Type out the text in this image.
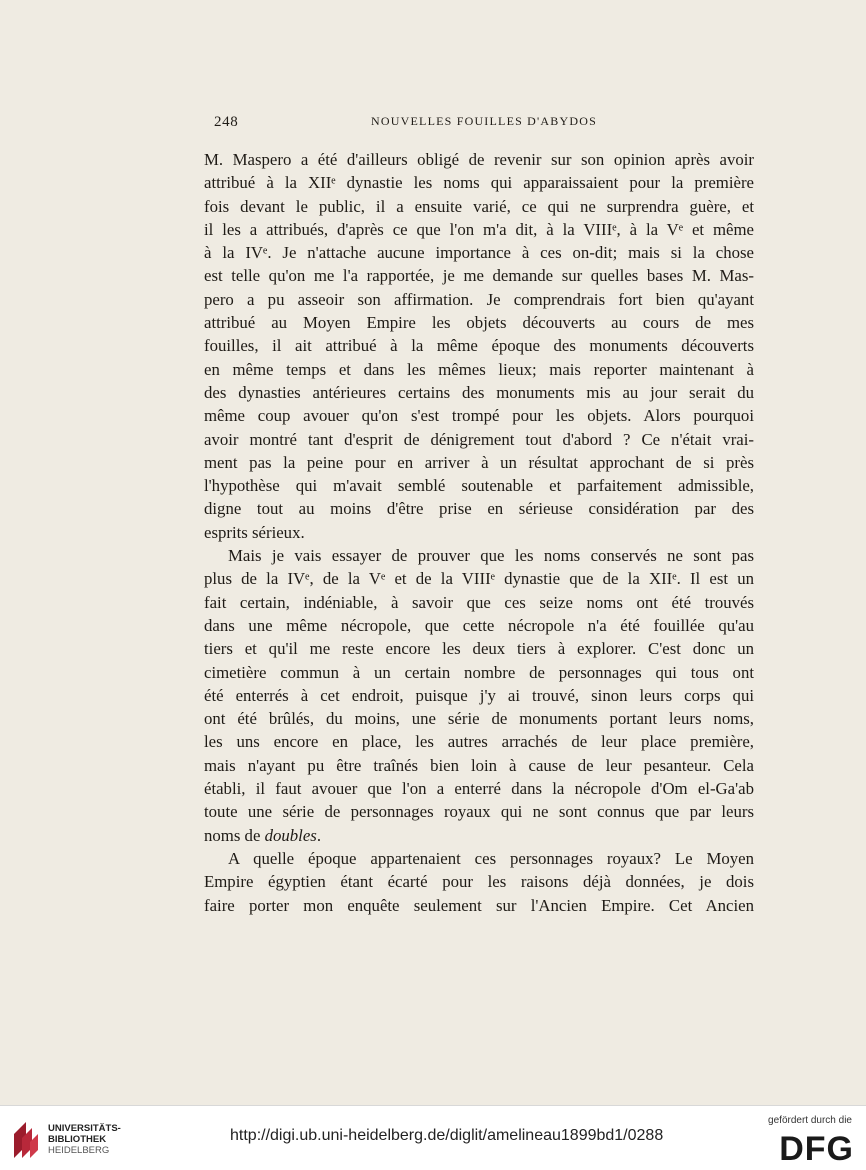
248	NOUVELLES FOUILLES D'ABYDOS
M. Maspero a été d'ailleurs obligé de revenir sur son opinion après avoir
attribué à la XIIᵉ dynastie les noms qui apparaissaient pour la première
fois devant le public, il a ensuite varié, ce qui ne surprendra guère, et
il les a attribués, d'après ce que l'on m'a dit, à la VIIIᵉ, à la Vᵉ et même
à la IVᵉ. Je n'attache aucune importance à ces on-dit; mais si la chose
est telle qu'on me l'a rapportée, je me demande sur quelles bases M. Mas-
pero a pu asseoir son affirmation. Je comprendrais fort bien qu'ayant
attribué au Moyen Empire les objets découverts au cours de mes
fouilles, il ait attribué à la même époque des monuments découverts
en même temps et dans les mêmes lieux; mais reporter maintenant à
des dynasties antérieures certains des monuments mis au jour serait du
même coup avouer qu'on s'est trompé pour les objets. Alors pourquoi
avoir montré tant d'esprit de dénigrement tout d'abord ? Ce n'était vrai-
ment pas la peine pour en arriver à un résultat approchant de si près
l'hypothèse qui m'avait semblé soutenable et parfaitement admissible,
digne tout au moins d'être prise en sérieuse considération par des
esprits sérieux.
Mais je vais essayer de prouver que les noms conservés ne sont pas
plus de la IVᵉ, de la Vᵉ et de la VIIIᵉ dynastie que de la XIIᵉ. Il est un
fait certain, indéniable, à savoir que ces seize noms ont été trouvés
dans une même nécropole, que cette nécropole n'a été fouillée qu'au
tiers et qu'il me reste encore les deux tiers à explorer. C'est donc un
cimetière commun à un certain nombre de personnages qui tous ont
été enterrés à cet endroit, puisque j'y ai trouvé, sinon leurs corps qui
ont été brûlés, du moins, une série de monuments portant leurs noms,
les uns encore en place, les autres arrachés de leur place première,
mais n'ayant pu être traînés bien loin à cause de leur pesanteur. Cela
établi, il faut avouer que l'on a enterré dans la nécropole d'Om el-Ga'ab
toute une série de personnages royaux qui ne sont connus que par leurs
noms de doubles.
A quelle époque appartenaient ces personnages royaux? Le Moyen
Empire égyptien étant écarté pour les raisons déjà données, je dois
faire porter mon enquête seulement sur l'Ancien Empire. Cet Ancien
UNIVERSITÄTS-
BIBLIOTHEK
HEIDELBERG
http://digi.ub.uni-heidelberg.de/diglit/amelineau1899bd1/0288
gefördert durch die
DFG
